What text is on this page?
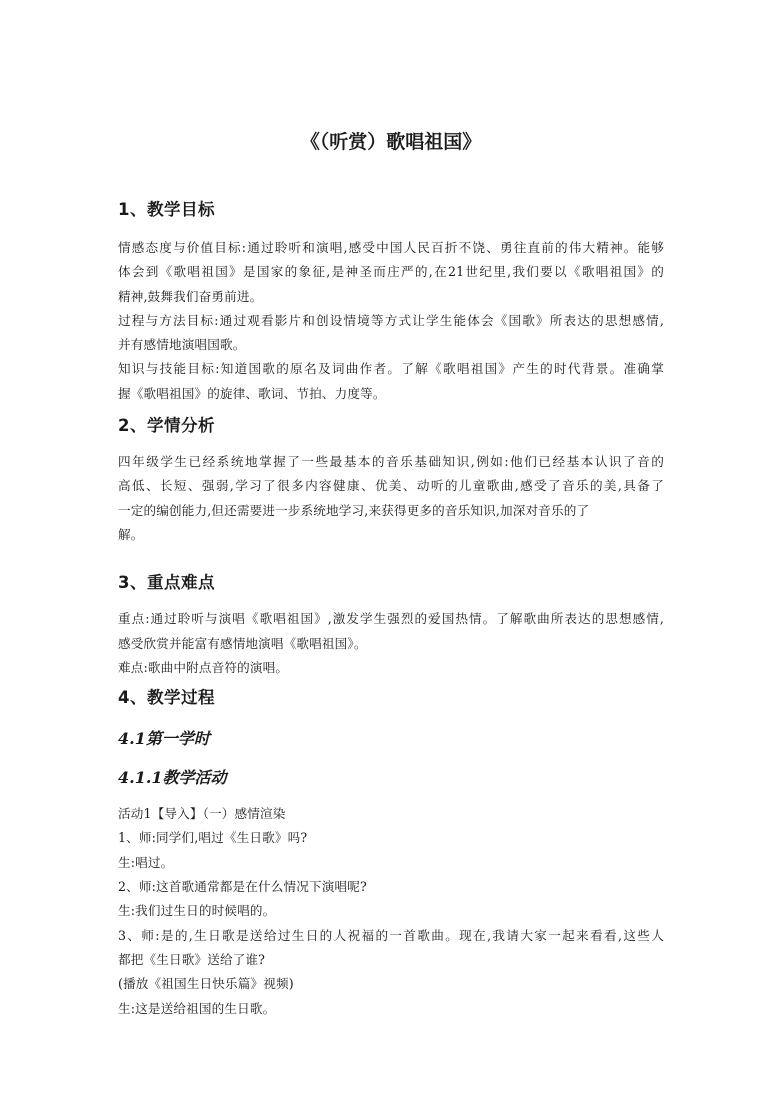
《（听赏）歌唱祖国》
1、教学目标
情感态度与价值目标:通过聆听和演唱,感受中国人民百折不饶、勇往直前的伟大精神。能够
体会到《歌唱祖国》是国家的象征,是神圣而庄严的,在21世纪里,我们要以《歌唱祖国》的
精神,鼓舞我们奋勇前进。
过程与方法目标:通过观看影片和创设情境等方式让学生能体会《国歌》所表达的思想感情,
并有感情地演唱国歌。
知识与技能目标:知道国歌的原名及词曲作者。了解《歌唱祖国》产生的时代背景。准确掌
握《歌唱祖国》的旋律、歌词、节拍、力度等。
2、学情分析
四年级学生已经系统地掌握了一些最基本的音乐基础知识,例如:他们已经基本认识了音的
高低、长短、强弱,学习了很多内容健康、优美、动听的儿童歌曲,感受了音乐的美,具备了
一定的编创能力,但还需要进一步系统地学习,来获得更多的音乐知识,加深对音乐的了
解。
3、重点难点
重点:通过聆听与演唱《歌唱祖国》,激发学生强烈的爱国热情。了解歌曲所表达的思想感情,
感受欣赏并能富有感情地演唱《歌唱祖国》。
难点:歌曲中附点音符的演唱。
4、教学过程
4.1第一学时
4.1.1教学活动
活动1【导入】（一）感情渲染
1、师:同学们,唱过《生日歌》吗?
生:唱过。
2、师:这首歌通常都是在什么情况下演唱呢?
生:我们过生日的时候唱的。
3、师:是的,生日歌是送给过生日的人祝福的一首歌曲。现在,我请大家一起来看看,这些人
都把《生日歌》送给了谁?
(播放《祖国生日快乐篇》视频)
生:这是送给祖国的生日歌。
